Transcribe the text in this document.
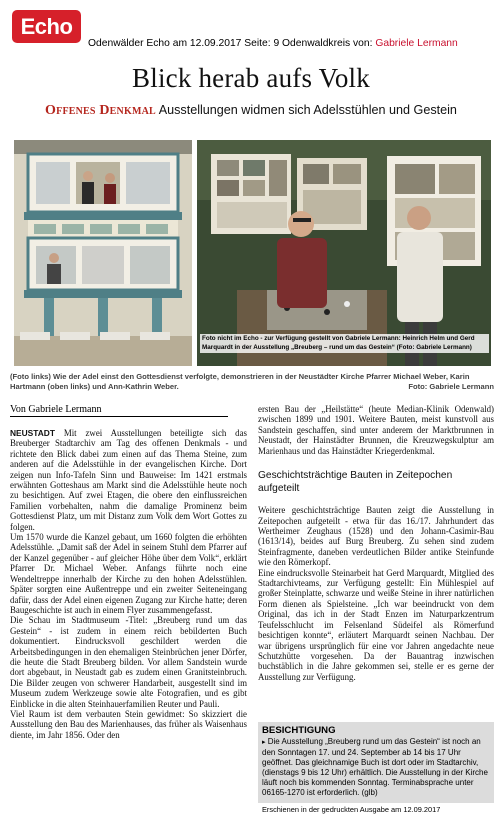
Echo
Odenwälder Echo am 12.09.2017 Seite: 9 Odenwaldkreis von: Gabriele Lermann
Blick herab aufs Volk
Offenes Denkmal Ausstellungen widmen sich Adelsstühlen und Gestein
Foto nicht im Echo - zur Verfügung gestellt von Gabriele Lermann: Heinrich Helm und Gerd Marquardt in der Ausstellung „Breuberg – rund um das Gestein“ (Foto: Gabriele Lermann)
(Foto links) Wie der Adel einst den Gottesdienst verfolgte, demonstrieren in der Neustädter Kirche Pfarrer Michael Weber, Karin Hartmann (oben links) und Ann-Kathrin Weber.	Foto: Gabriele Lermann
Von Gabriele Lermann

NEUSTADT Mit zwei Ausstellungen beteiligte sich das Breuberger Stadtarchiv am Tag des offenen Denkmals - und richtete den Blick dabei zum einen auf das Thema Steine, zum anderen auf die Adelsstühle in der evangelischen Kirche. Dort zeigen nun Info-Tafeln Sinn und Bauweise: Im 1421 erstmals erwähnten Gotteshaus am Markt sind die Adelsstühle heute noch zu besichtigen. Auf zwei Etagen, die obere den einflussreichen Familien vorbehalten, nahm die damalige Prominenz beim Gottesdienst Platz, um mit Distanz zum Volk dem Wort Gottes zu folgen.

Um 1570 wurde die Kanzel gebaut, um 1660 folgten die erhöhten Adelsstühle. „Damit saß der Adel in seinem Stuhl dem Pfarrer auf der Kanzel gegenüber - auf gleicher Höhe über dem Volk“, erklärt Pfarrer Dr. Michael Weber. Anfangs führte noch eine Wendeltreppe innerhalb der Kirche zu den hohen Adelsstühlen. Später sorgten eine Außentreppe und ein zweiter Seiteneingang dafür, dass der Adel einen eigenen Zugang zur Kirche hatte; deren Baugeschichte ist auch in einem Flyer zusammengefasst.

Die Schau im Stadtmuseum -Titel: „Breuberg rund um das Gestein“ - ist zudem in einem reich bebilderten Buch dokumentiert. Eindrucksvoll geschildert werden die Arbeitsbedingungen in den ehemaligen Steinbrüchen jener Dörfer, die heute die Stadt Breuberg bilden. Vor allem Sandstein wurde dort abgebaut, in Neustadt gab es zudem einen Granitsteinbruch. Die Bilder zeugen von schwerer Handarbeit, ausgestellt sind im Museum zudem Werkzeuge sowie alte Fotografien, und es gibt Einblicke in die alten Steinhauerfamilien Reuter und Pauli.

Viel Raum ist dem verbauten Stein gewidmet: So skizziert die Ausstellung den Bau des Marienhauses, das früher als Waisenhaus diente, im Jahr 1856. Oder den

ersten Bau der „Heilstätte“ (heute Median-Klinik Odenwald) zwischen 1899 und 1901. Weitere Bauten, meist kunstvoll aus Sandstein geschaffen, sind unter anderem der Marktbrunnen in Neustadt, der Hainstädter Brunnen, die Kreuzwegskulptur am Marienhaus und das Hainstädter Kriegerdenkmal.

Geschichtsträchtige Bauten in Zeitepochen aufgeteilt

Weitere geschichtsträchtige Bauten zeigt die Ausstellung in Zeitepochen aufgeteilt - etwa für das 16./17. Jahrhundert das Wertheimer Zeughaus (1528) und den Johann-Casimir-Bau (1613/14), beides auf Burg Breuberg. Zu sehen sind zudem Steinfragmente, daneben verdeutlichen Bilder antike Steinfunde wie den Römerkopf.

Eine eindrucksvolle Steinarbeit hat Gerd Marquardt, Mitglied des Stadtarchivteams, zur Verfügung gestellt: Ein Mühlespiel auf großer Steinplatte, schwarze und weiße Steine in ihrer natürlichen Form dienen als Spielsteine. „Ich war beeindruckt von dem Original, das ich in der Stadt Enzen im Naturparkzentrum Teufelsschlucht im Felsenland Südeifel als Römerfund besichtigen konnte“, erläutert Marquardt seinen Nachbau. Der war übrigens ursprünglich für eine vor Jahren angedachte neue Schutzhütte vorgesehen. Da der Bauantrag inzwischen buchstäblich in die Jahre gekommen sei, stelle er es gerne der Ausstellung zur Verfügung.

BESICHTIGUNG
▸ Die Ausstellung „Breuberg rund um das Gestein“ ist noch an den Sonntagen 17. und 24. September ab 14 bis 17 Uhr geöffnet. Das gleichnamige Buch ist dort oder im Stadtarchiv, (dienstags 9 bis 12 Uhr) erhältlich. Die Ausstellung in der Kirche läuft noch bis kommenden Sonntag. Terminabsprache unter 06165-1270 ist erforderlich. (glb)
Erschienen in der gedruckten Ausgabe am 12.09.2017
